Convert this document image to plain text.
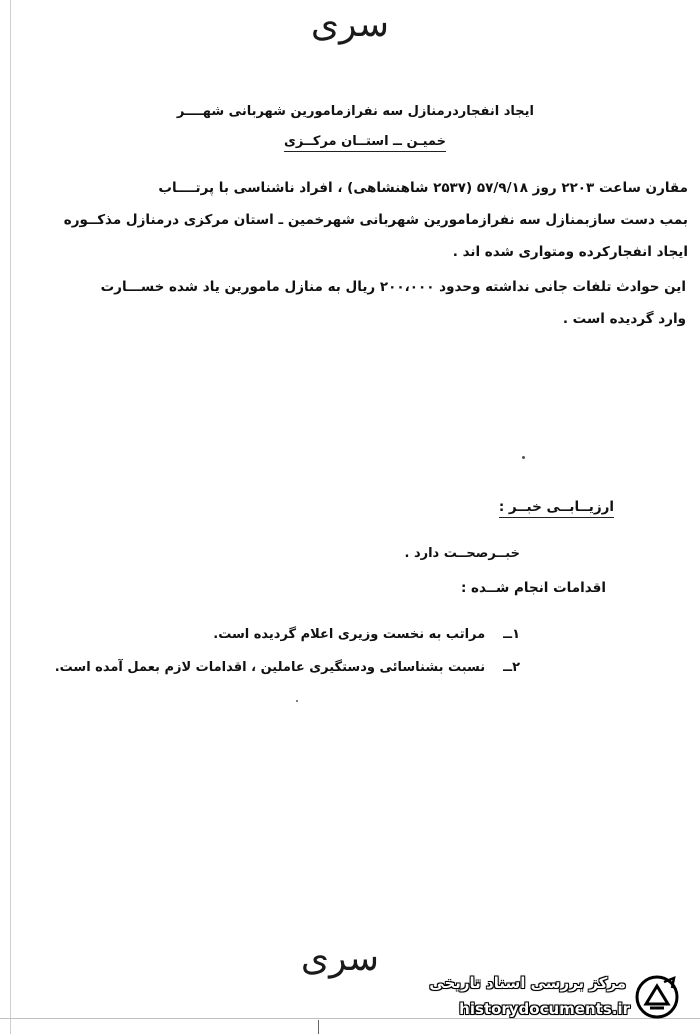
سری
ایجاد انفجاردرمنازل سه نفرازمامورین شهربانی شهــــر
خمیـن ــ استــان مرکــزی
مقارن ساعت ۲۲۰۳ روز ۵۷/۹/۱۸ (۲۵۳۷ شاهنشاهی) ، افراد ناشناسی با پرتــــاب
بمب دست سازبمنازل سه نفرازمامورین شهربانی شهرخمین ـ استان مرکزی درمنازل مذکــوره
ایجاد انفجارکرده ومتواری شده اند .
این حوادث تلفات جانی نداشته وحدود ۲۰۰،۰۰۰ ریال به منازل مامورین یاد شده خســـارت
وارد گردیده است .
ارزیــابــی خبــر :
خبــرصحــت دارد .
اقدامات انجام شــده :
۱ــمراتب به نخست وزیری اعلام گردیده است.
۲ــنسبت بشناسائی ودستگیری عاملین ، اقدامات لازم بعمل آمده است.
سری
مرکز بررسی اسناد تاریخی
historydocuments.ir
